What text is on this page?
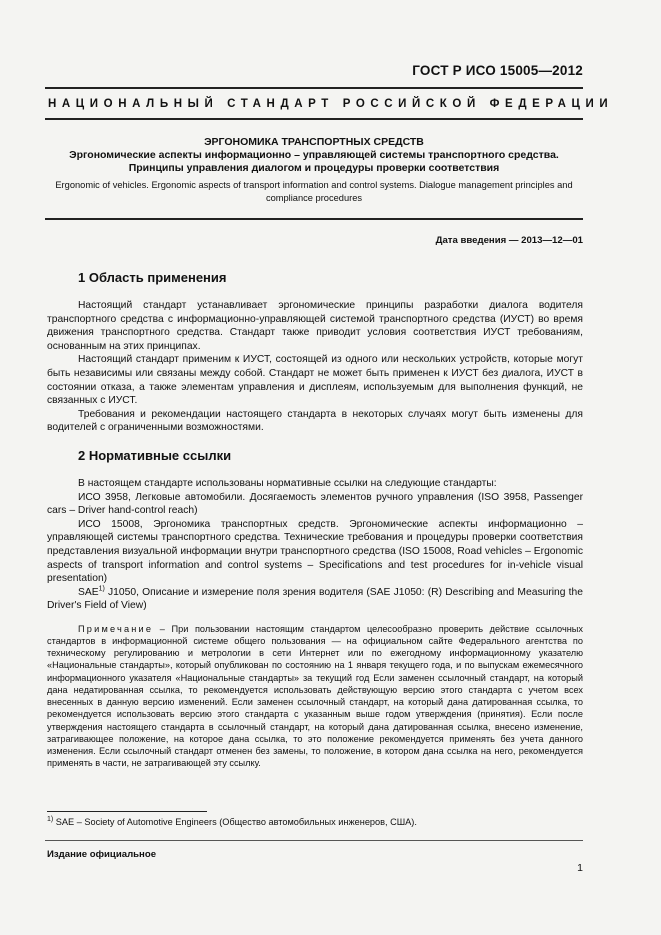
ГОСТ Р ИСО 15005—2012
НАЦИОНАЛЬНЫЙ СТАНДАРТ РОССИЙСКОЙ ФЕДЕРАЦИИ
ЭРГОНОМИКА ТРАНСПОРТНЫХ СРЕДСТВ
Эргономические аспекты информационно – управляющей системы транспортного средства. Принципы управления диалогом и процедуры проверки соответствия
Ergonomic of vehicles. Ergonomic aspects of transport information and control systems. Dialogue management principles and compliance procedures
Дата введения — 2013—12—01
1 Область применения

Настоящий стандарт устанавливает эргономические принципы разработки диалога водителя транспортного средства с информационно-управляющей системой транспортного средства (ИУСТ) во время движения транспортного средства. Стандарт также приводит условия соответствия ИУСТ требованиям, основанным на этих принципах.

Настоящий стандарт применим к ИУСТ, состоящей из одного или нескольких устройств, которые могут быть независимы или связаны между собой. Стандарт не может быть применен к ИУСТ без диалога, ИУСТ в состоянии отказа, а также элементам управления и дисплеям, используемым для выполнения функций, не связанных с ИУСТ.

Требования и рекомендации настоящего стандарта в некоторых случаях могут быть изменены для водителей с ограниченными возможностями.

2 Нормативные ссылки

В настоящем стандарте использованы нормативные ссылки на следующие стандарты:

ИСО 3958, Легковые автомобили. Досягаемость элементов ручного управления (ISO 3958, Passenger cars – Driver hand-control reach)

ИСО 15008, Эргономика транспортных средств. Эргономические аспекты информационно – управляющей системы транспортного средства. Технические требования и процедуры проверки соответствия представления визуальной информации внутри транспортного средства (ISO 15008, Road vehicles – Ergonomic aspects of transport information and control systems – Specifications and test procedures for in-vehicle visual presentation)

SAE$^{1)}$ J1050, Описание и измерение поля зрения водителя (SAE J1050: (R) Describing and Measuring the Driver's Field of View)

Примечание – При пользовании настоящим стандартом целесообразно проверить действие ссылочных стандартов в информационной системе общего пользования — на официальном сайте Федерального агентства по техническому регулированию и метрологии в сети Интернет или по ежегодному информационному указателю «Национальные стандарты», который опубликован по состоянию на 1 января текущего года, и по выпускам ежемесячного информационного указателя «Национальные стандарты» за текущий год Если заменен ссылочный стандарт, на который дана недатированная ссылка, то рекомендуется использовать действующую версию этого стандарта с учетом всех внесенных в данную версию изменений. Если заменен ссылочный стандарт, на который дана датированная ссылка, то рекомендуется использовать версию этого стандарта с указанным выше годом утверждения (принятия). Если после утверждения настоящего стандарта в ссылочный стандарт, на который дана датированная ссылка, внесено изменение, затрагивающее положение, на которое дана ссылка, то это положение рекомендуется применять без учета данного изменения. Если ссылочный стандарт отменен без замены, то положение, в котором дана ссылка на него, рекомендуется применять в части, не затрагивающей эту ссылку.

$^{1)}$ SAE – Society of Automotive Engineers (Общество автомобильных инженеров, США).
Издание официальное
1
